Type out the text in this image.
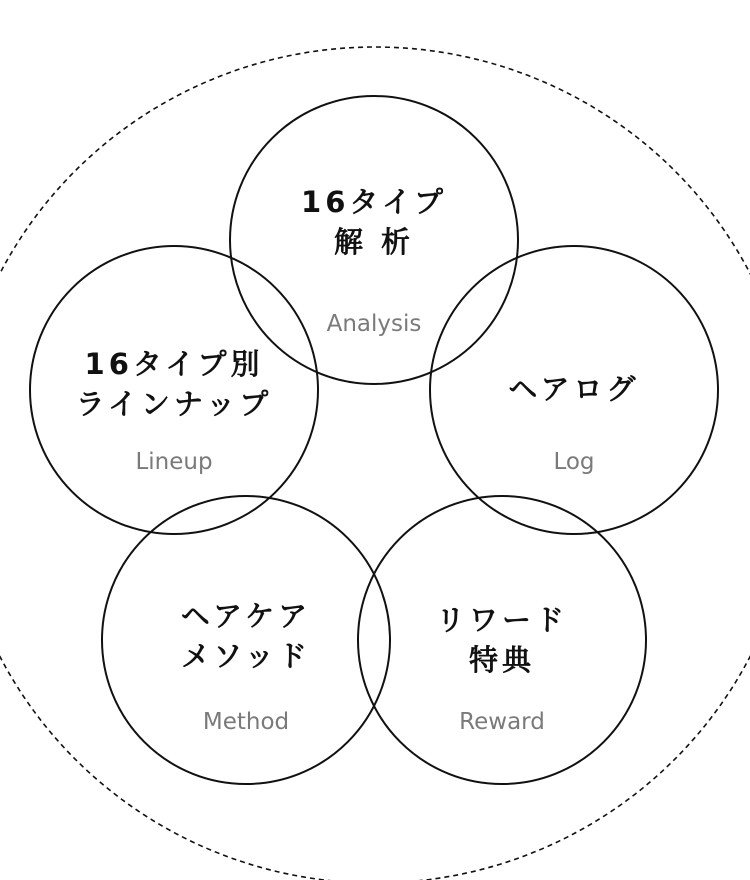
16タイプ
解 析
Analysis
16タイプ別
ラインナップ
Lineup
ヘアログ
Log
ヘアケア
メソッド
Method
リワード
特典
Reward
